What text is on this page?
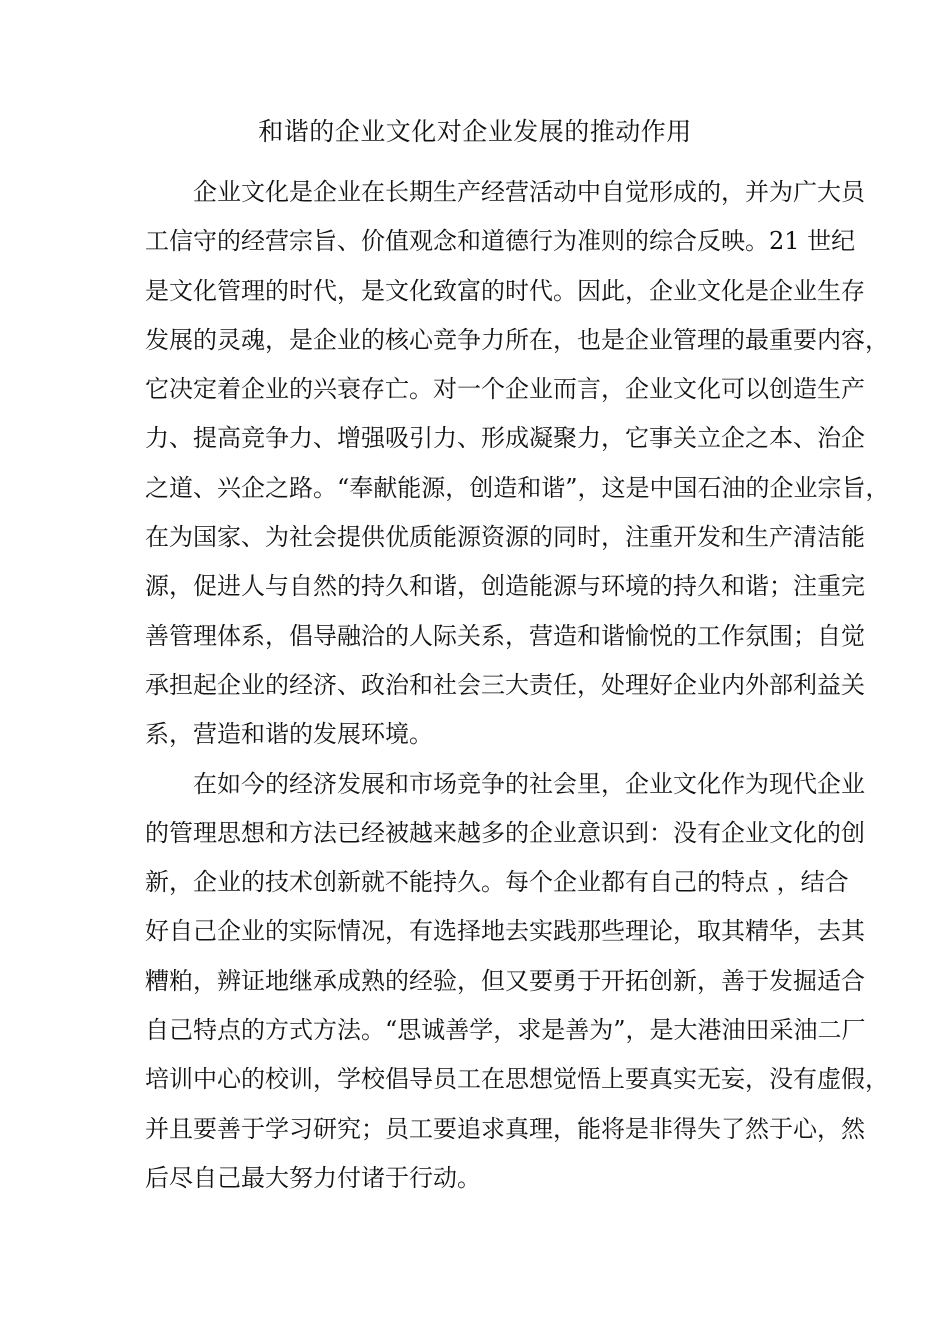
和谐的企业文化对企业发展的推动作用
企业文化是企业在长期生产经营活动中自觉形成的，并为广大员
工信守的经营宗旨、价值观念和道德行为准则的综合反映。21 世纪
是文化管理的时代，是文化致富的时代。因此，企业文化是企业生存
发展的灵魂，是企业的核心竞争力所在，也是企业管理的最重要内容，
它决定着企业的兴衰存亡。对一个企业而言，企业文化可以创造生产
力、提高竞争力、增强吸引力、形成凝聚力，它事关立企之本、治企
之道、兴企之路。“奉献能源，创造和谐”，这是中国石油的企业宗旨，
在为国家、为社会提供优质能源资源的同时，注重开发和生产清洁能
源，促进人与自然的持久和谐，创造能源与环境的持久和谐；注重完
善管理体系，倡导融洽的人际关系，营造和谐愉悦的工作氛围；自觉
承担起企业的经济、政治和社会三大责任，处理好企业内外部利益关
系，营造和谐的发展环境。
在如今的经济发展和市场竞争的社会里，企业文化作为现代企业
的管理思想和方法已经被越来越多的企业意识到：没有企业文化的创
新，企业的技术创新就不能持久。每个企业都有自己的特点 ，结合
好自己企业的实际情况，有选择地去实践那些理论，取其精华，去其
糟粕，辨证地继承成熟的经验，但又要勇于开拓创新，善于发掘适合
自己特点的方式方法。“思诚善学，求是善为”，是大港油田采油二厂
培训中心的校训，学校倡导员工在思想觉悟上要真实无妄，没有虚假，
并且要善于学习研究；员工要追求真理，能将是非得失了然于心，然
后尽自己最大努力付诸于行动。
